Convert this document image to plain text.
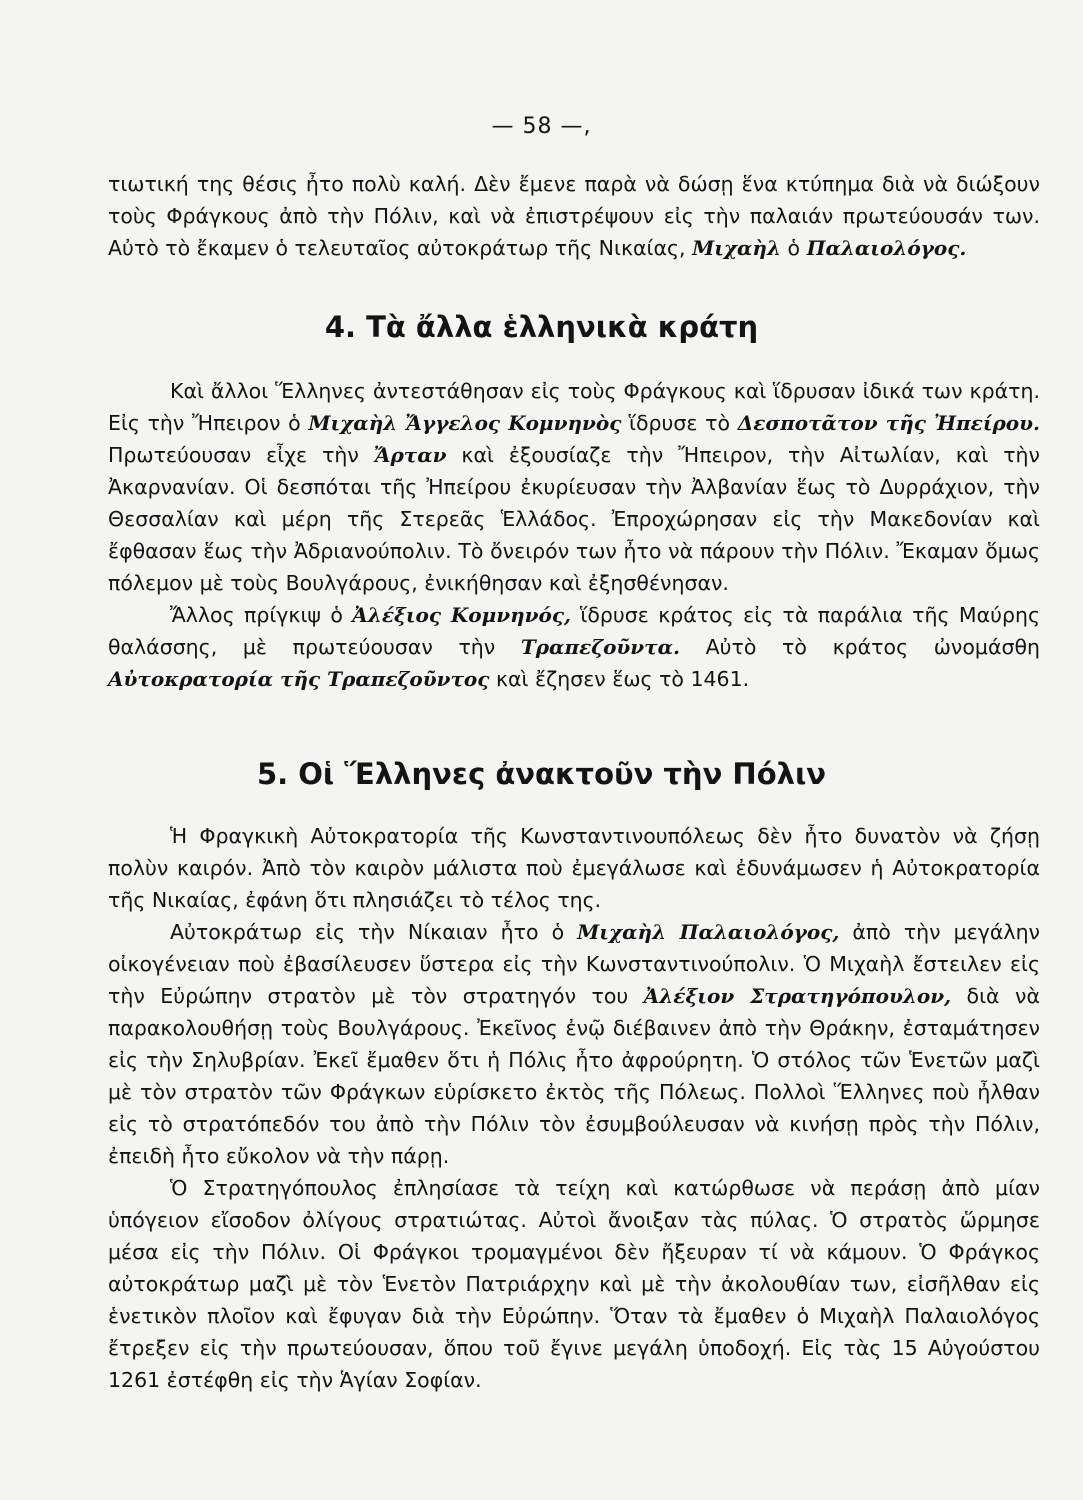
— 58 —,

τιωτική της θέσις ἦτο πολὺ καλή. Δὲν ἔμενε παρὰ νὰ δώσῃ ἕνα κτύπημα διὰ νὰ διώξουν τοὺς Φράγκους ἀπὸ τὴν Πόλιν, καὶ νὰ ἐπιστρέψουν εἰς τὴν παλαιάν πρωτεύουσάν των. Αὐτὸ τὸ ἔκαμεν ὁ τελευταῖος αὐτοκράτωρ τῆς Νικαίας, Μιχαὴλ ὁ Παλαιολόγος.

4. Τὰ ἄλλα ἑλληνικὰ κράτη

Καὶ ἄλλοι Ἕλληνες ἀντεστάθησαν εἰς τοὺς Φράγκους καὶ ἵδρυσαν ἰδικά των κράτη. Εἰς τὴν Ἤπειρον ὁ Μιχαὴλ Ἄγγελος Κομνηνὸς ἵδρυσε τὸ Δεσποτᾶτον τῆς Ἠπείρου. Πρωτεύουσαν εἶχε τὴν Ἄρταν καὶ ἐξουσίαζε τὴν Ἤπειρον, τὴν Αἰτωλίαν, καὶ τὴν Ἀκαρνανίαν. Οἱ δεσπόται τῆς Ἠπείρου ἐκυρίευσαν τὴν Ἀλβανίαν ἕως τὸ Δυρράχιον, τὴν Θεσσαλίαν καὶ μέρη τῆς Στερεᾶς Ἑλλάδος. Ἐπροχώρησαν εἰς τὴν Μακεδονίαν καὶ ἔφθασαν ἕως τὴν Ἀδριανούπολιν. Τὸ ὄνειρόν των ἦτο νὰ πάρουν τὴν Πόλιν. Ἔκαμαν ὅμως πόλεμον μὲ τοὺς Βουλγάρους, ἐνικήθησαν καὶ ἐξησθένησαν.

Ἄλλος πρίγκιψ ὁ Ἀλέξιος Κομνηνός, ἵδρυσε κράτος εἰς τὰ παράλια τῆς Μαύρης θαλάσσης, μὲ πρωτεύουσαν τὴν Τραπεζοῦντα. Αὐτὸ τὸ κράτος ὠνομάσθη Αὐτοκρατορία τῆς Τραπεζοῦντος καὶ ἔζησεν ἕως τὸ 1461.

5. Οἱ Ἕλληνες ἀνακτοῦν τὴν Πόλιν

Ἡ Φραγκικὴ Αὐτοκρατορία τῆς Κωνσταντινουπόλεως δὲν ἦτο δυνατὸν νὰ ζήσῃ πολὺν καιρόν. Ἀπὸ τὸν καιρὸν μάλιστα ποὺ ἐμεγάλωσε καὶ ἐδυνάμωσεν ἡ Αὐτοκρατορία τῆς Νικαίας, ἐφάνη ὅτι πλησιάζει τὸ τέλος της.

Αὐτοκράτωρ εἰς τὴν Νίκαιαν ἦτο ὁ Μιχαὴλ Παλαιολόγος, ἀπὸ τὴν μεγάλην οἰκογένειαν ποὺ ἐβασίλευσεν ὕστερα εἰς τὴν Κωνσταντινούπολιν. Ὁ Μιχαὴλ ἔστειλεν εἰς τὴν Εὐρώπην στρατὸν μὲ τὸν στρατηγόν του Ἀλέξιον Στρατηγόπουλον, διὰ νὰ παρακολουθήσῃ τοὺς Βουλγάρους. Ἐκεῖνος ἐνῷ διέβαινεν ἀπὸ τὴν Θράκην, ἐσταμάτησεν εἰς τὴν Σηλυβρίαν. Ἐκεῖ ἔμαθεν ὅτι ἡ Πόλις ἦτο ἀφρούρητη. Ὁ στόλος τῶν Ἑνετῶν μαζὶ μὲ τὸν στρατὸν τῶν Φράγκων εὑρίσκετο ἐκτὸς τῆς Πόλεως. Πολλοὶ Ἕλληνες ποὺ ἦλθαν εἰς τὸ στρατόπεδόν του ἀπὸ τὴν Πόλιν τὸν ἐσυμβούλευσαν νὰ κινήσῃ πρὸς τὴν Πόλιν, ἐπειδὴ ἦτο εὔκολον νὰ τὴν πάρῃ.

Ὁ Στρατηγόπουλος ἐπλησίασε τὰ τείχη καὶ κατώρθωσε νὰ περάσῃ ἀπὸ μίαν ὑπόγειον εἴσοδον ὀλίγους στρατιώτας. Αὐτοὶ ἄνοιξαν τὰς πύλας. Ὁ στρατὸς ὥρμησε μέσα εἰς τὴν Πόλιν. Οἱ Φράγκοι τρομαγμένοι δὲν ἤξευραν τί νὰ κάμουν. Ὁ Φράγκος αὐτοκράτωρ μαζὶ μὲ τὸν Ἑνετὸν Πατριάρχην καὶ μὲ τὴν ἀκολουθίαν των, εἰσῆλθαν εἰς ἑνετικὸν πλοῖον καὶ ἔφυγαν διὰ τὴν Εὐρώπην. Ὅταν τὰ ἔμαθεν ὁ Μιχαὴλ Παλαιολόγος ἔτρεξεν εἰς τὴν πρωτεύουσαν, ὅπου τοῦ ἔγινε μεγάλη ὑποδοχή. Εἰς τὰς 15 Αὐγούστου 1261 ἐστέφθη εἰς τὴν Ἁγίαν Σοφίαν.
